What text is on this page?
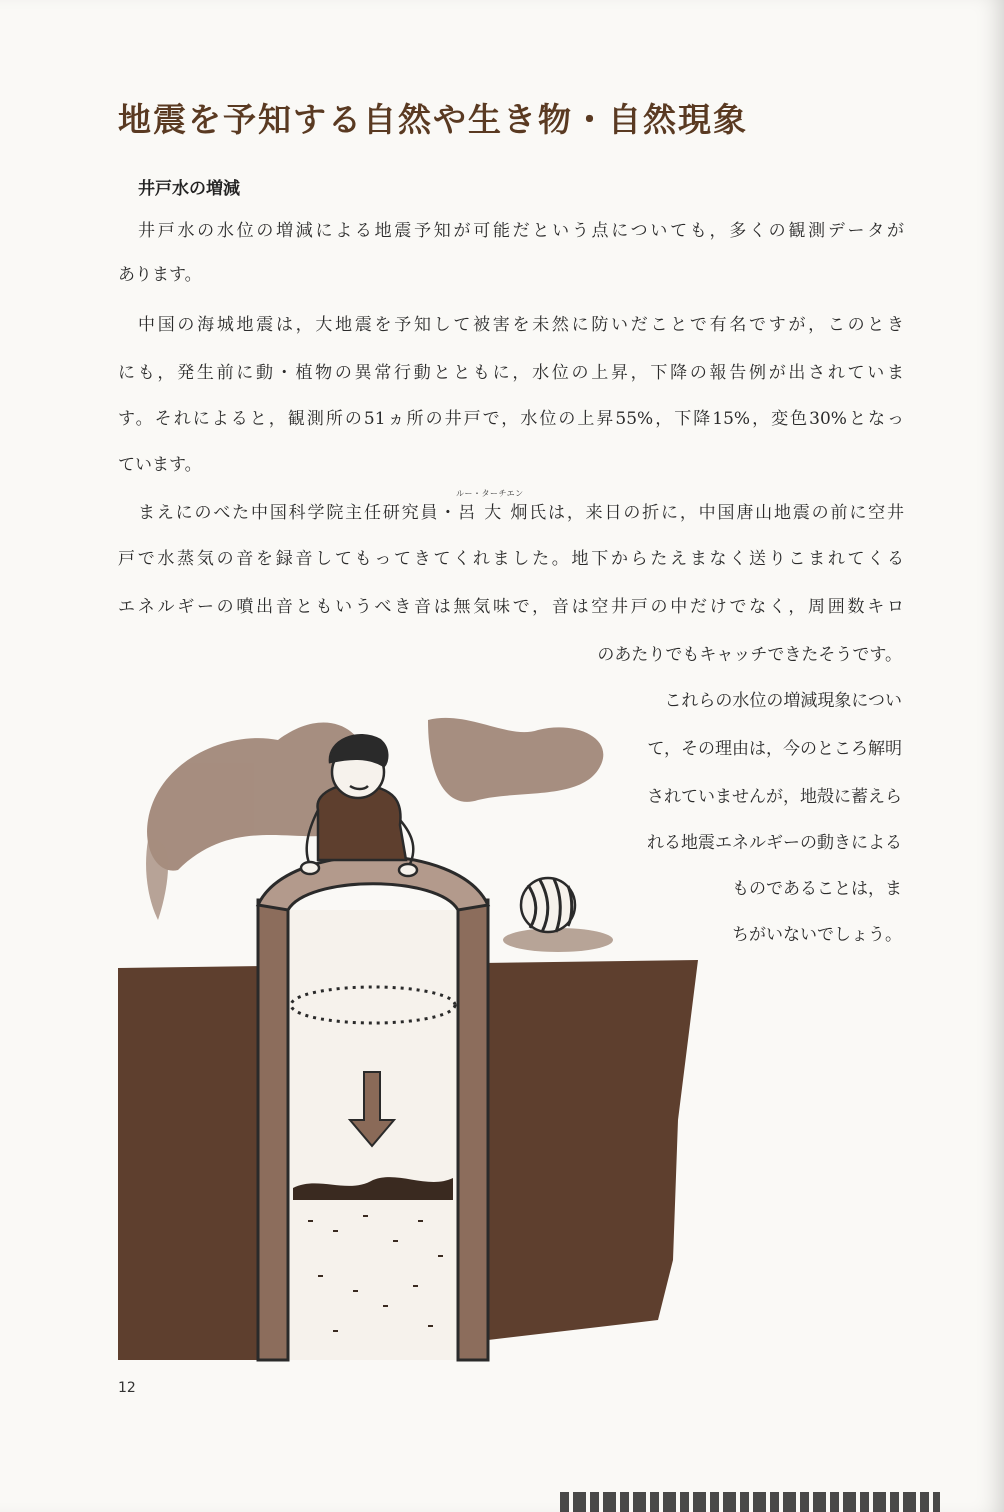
地震を予知する自然や生き物・自然現象
井戸水の増減

井戸水の水位の増減による地震予知が可能だという点についても，多くの観測データが

あります。

中国の海城地震は，大地震を予知して被害を未然に防いだことで有名ですが，このとき

にも，発生前に動・植物の異常行動とともに，水位の上昇，下降の報告例が出されていま

す。それによると，観測所の51ヵ所の井戸で，水位の上昇55%，下降15%，変色30%となっ

ています。

ルー・ターチエン

まえにのべた中国科学院主任研究員・呂 大 炯氏は，来日の折に，中国唐山地震の前に空井

戸で水蒸気の音を録音してもってきてくれました。地下からたえまなく送りこまれてくる

エネルギーの噴出音ともいうべき音は無気味で，音は空井戸の中だけでなく，周囲数キロ

のあたりでもキャッチできたそうです。

これらの水位の増減現象につい

て，その理由は，今のところ解明

されていませんが，地殻に蓄えら

れる地震エネルギーの動きによる

ものであることは，ま

ちがいないでしょう。

12
